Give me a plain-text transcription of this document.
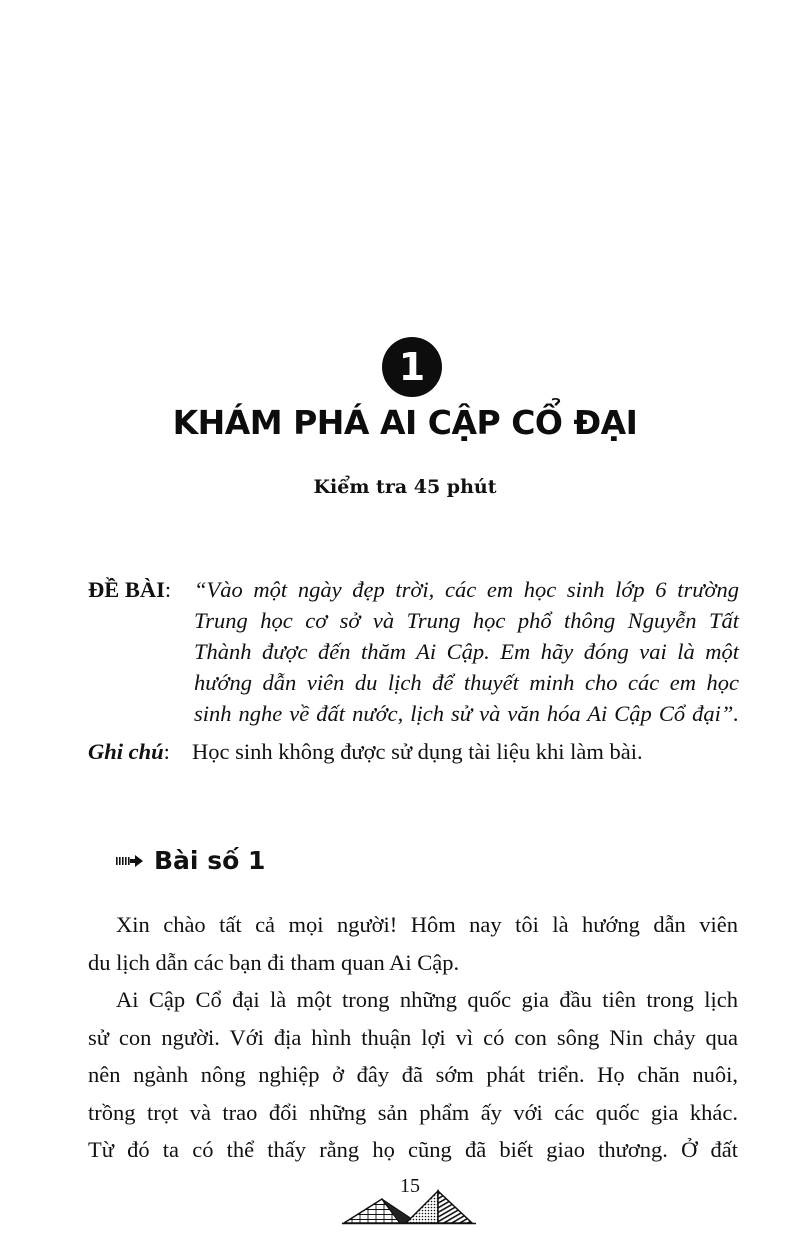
1
KHÁM PHÁ AI CẬP CỔ ĐẠI
Kiểm tra 45 phút
ĐỀ BÀI: “Vào một ngày đẹp trời, các em học sinh lớp 6 trường
Trung học cơ sở và Trung học phổ thông Nguyễn Tất
Thành được đến thăm Ai Cập. Em hãy đóng vai là một
hướng dẫn viên du lịch để thuyết minh cho các em học
sinh nghe về đất nước, lịch sử và văn hóa Ai Cập Cổ đại”.
Ghi chú: Học sinh không được sử dụng tài liệu khi làm bài.
Bài số 1

Xin chào tất cả mọi người! Hôm nay tôi là hướng dẫn viên
du lịch dẫn các bạn đi tham quan Ai Cập.

Ai Cập Cổ đại là một trong những quốc gia đầu tiên trong lịch
sử con người. Với địa hình thuận lợi vì có con sông Nin chảy qua
nên ngành nông nghiệp ở đây đã sớm phát triển. Họ chăn nuôi,
trồng trọt và trao đổi những sản phẩm ấy với các quốc gia khác.
Từ đó ta có thể thấy rằng họ cũng đã biết giao thương. Ở đất

15
